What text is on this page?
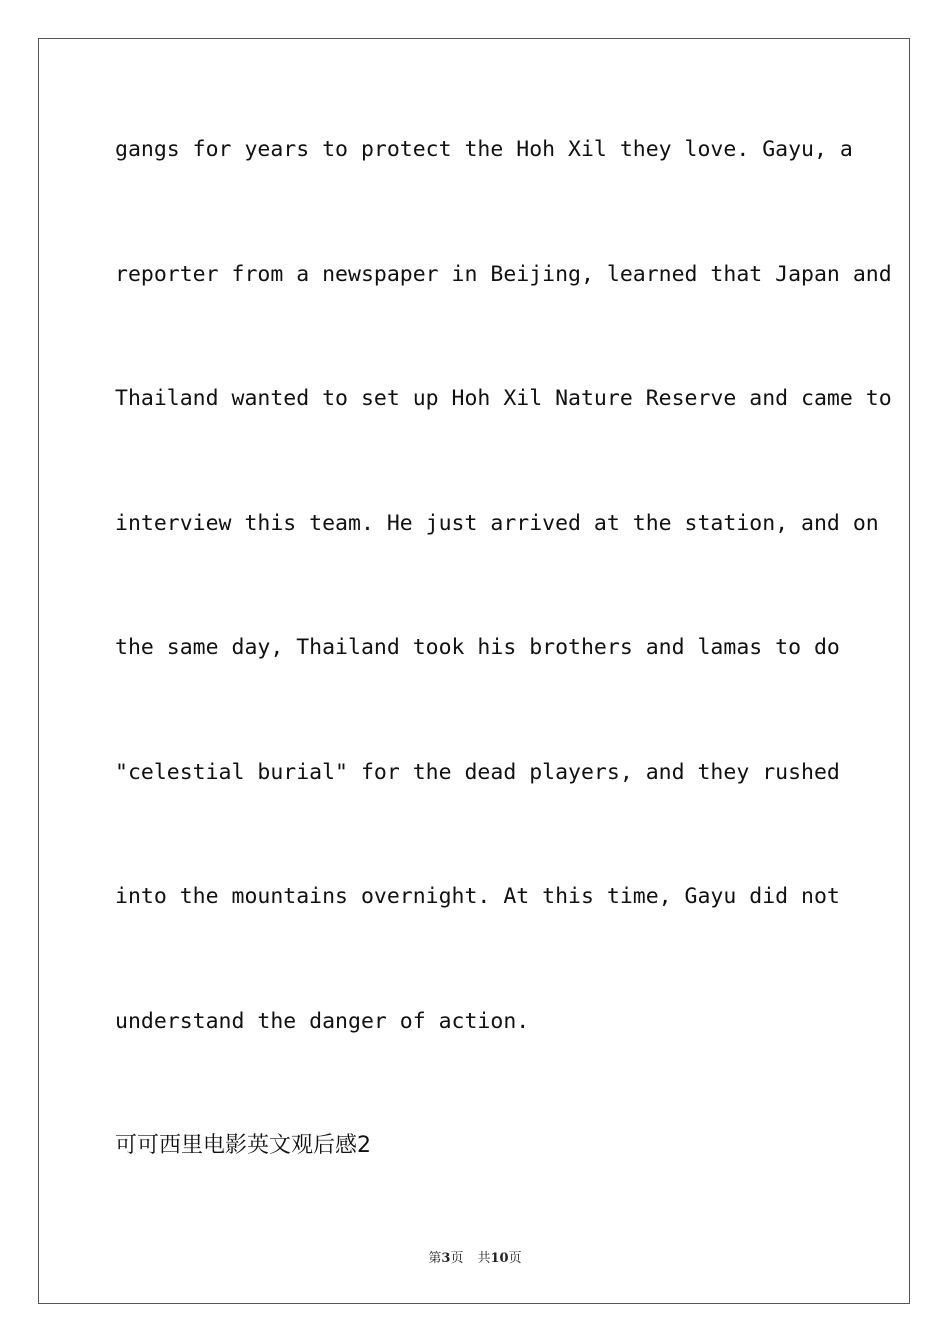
gangs for years to protect the Hoh Xil they love. Gayu, a
reporter from a newspaper in Beijing, learned that Japan and
Thailand wanted to set up Hoh Xil Nature Reserve and came to
interview this team. He just arrived at the station, and on
the same day, Thailand took his brothers and lamas to do
"celestial burial" for the dead players, and they rushed
into the mountains overnight. At this time, Gayu did not
understand the danger of action.
可可西里电影英文观后感2
第3页 共10页
